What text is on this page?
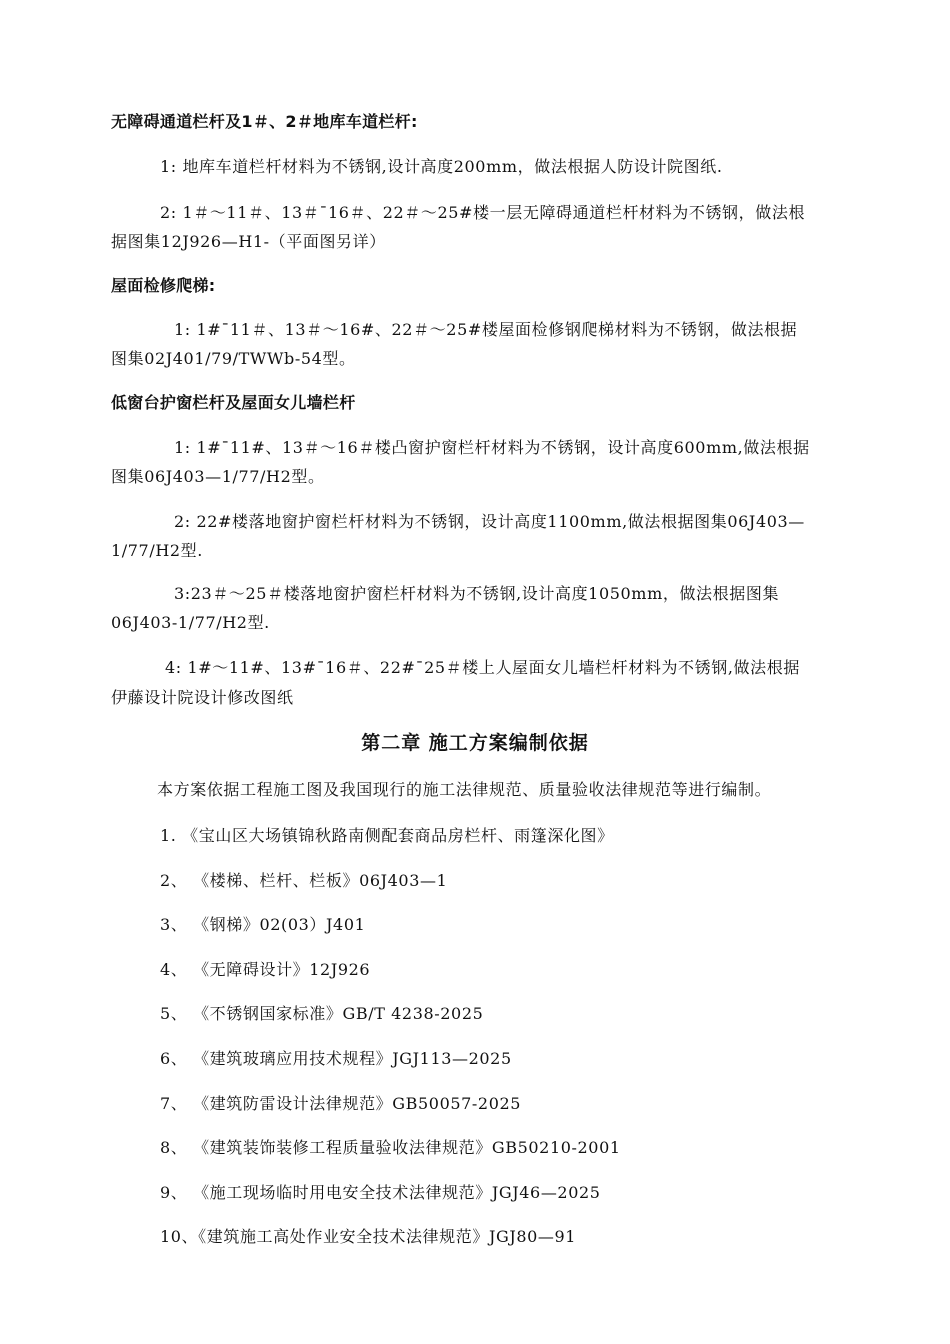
无障碍通道栏杆及1＃、2＃地库车道栏杆:
1: 地库车道栏杆材料为不锈钢,设计高度200mm，做法根据人防设计院图纸.
2: 1＃～11＃、13＃¯16＃、22＃～25#楼一层无障碍通道栏杆材料为不锈钢，做法根
据图集12J926—H1-（平面图另详）
屋面检修爬梯:
1: 1#¯11＃、13＃～16#、22＃～25#楼屋面检修钢爬梯材料为不锈钢，做法根据
图集02J401/79/TWWb-54型。
低窗台护窗栏杆及屋面女儿墙栏杆
1: 1#¯11#、13＃～16＃楼凸窗护窗栏杆材料为不锈钢，设计高度600mm,做法根据
图集06J403—1/77/H2型。
2: 22#楼落地窗护窗栏杆材料为不锈钢，设计高度1100mm,做法根据图集06J403—
1/77/H2型.
3:23＃～25＃楼落地窗护窗栏杆材料为不锈钢,设计高度1050mm，做法根据图集
06J403-1/77/H2型.
4: 1#～11#、13#¯16＃、22#¯25＃楼上人屋面女儿墙栏杆材料为不锈钢,做法根据
伊藤设计院设计修改图纸
第二章 施工方案编制依据
本方案依据工程施工图及我国现行的施工法律规范、质量验收法律规范等进行编制。
1. 《宝山区大场镇锦秋路南侧配套商品房栏杆、雨篷深化图》
2、 《楼梯、栏杆、栏板》06J403—1
3、 《钢梯》02(03）J401
4、 《无障碍设计》12J926
5、 《不锈钢国家标准》GB/T 4238-2025
6、 《建筑玻璃应用技术规程》JGJ113—2025
7、 《建筑防雷设计法律规范》GB50057-2025
8、 《建筑装饰装修工程质量验收法律规范》GB50210-2001
9、 《施工现场临时用电安全技术法律规范》JGJ46—2025
10、《建筑施工高处作业安全技术法律规范》JGJ80—91
